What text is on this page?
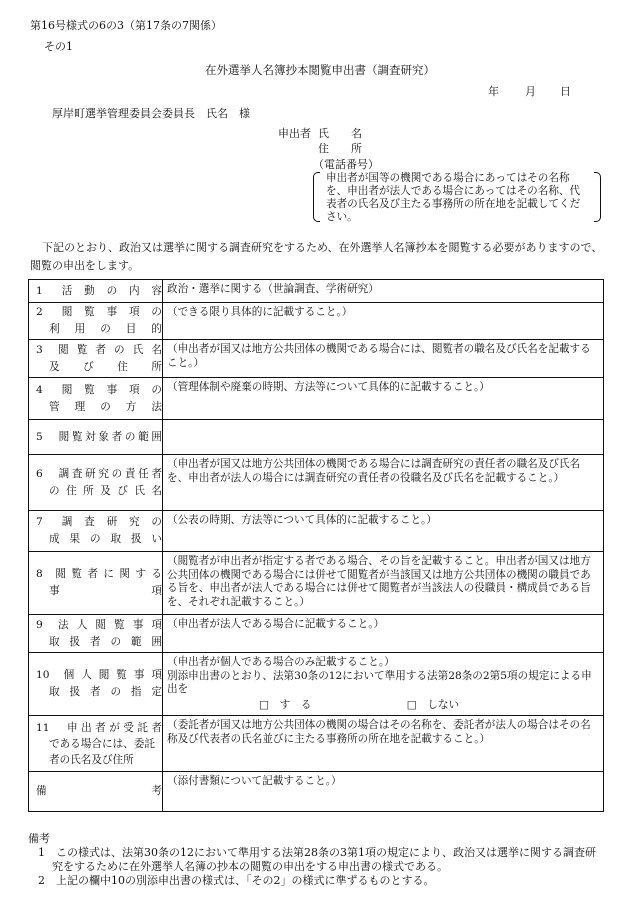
第16号様式の6の3（第17条の7関係）
その1
在外選挙人名簿抄本閲覧申出書（調査研究）
年 月 日
厚岸町選挙管理委員会委員長　氏名　様
申出者 氏　　名
住　　所
（電話番号）
申出者が国等の機関である場合にあってはその名称を、申出者が法人である場合にあってはその名称、代表者の氏名及び主たる事務所の所在地を記載してください。
下記のとおり、政治又は選挙に関する調査研究をするため、在外選挙人名簿抄本を閲覧する必要がありますので、閲覧の申出をします。
1　活 動 の 内 容	政治・選挙に関する（世論調査、学術研究）

2　閲 覧 事 項 の
利　用　の　目　的	（できる限り具体的に記載すること。）

3　閲 覧 者 の 氏 名
及　び　住　所	（申出者が国又は地方公共団体の機関である場合には、閲覧者の職名及び氏名を記載すること。）

4　閲 覧 事 項 の
管　理　の　方　法	（管理体制や廃棄の時期、方法等について具体的に記載すること。）

5　閲覧対象者の範囲	

6　調査研究の責任者
の住所及び氏名	（申出者が国又は地方公共団体の機関である場合には調査研究の責任者の職名及び氏名を、申出者が法人の場合には調査研究の責任者の役職名及び氏名を記載すること。）

7　調 査 研 究 の
成 果 の 取 扱 い	（公表の時期、方法等について具体的に記載すること。）

8　閲 覧 者 に 関 す る
事　　　　項	（閲覧者が申出者が指定する者である場合、その旨を記載すること。申出者が国又は地方公共団体の機関である場合には併せて閲覧者が当該国又は地方公共団体の機関の職員である旨を、申出者が法人である場合には併せて閲覧者が当該法人の役職員・構成員である旨を、それぞれ記載すること。）

9　法 人 閲 覧 事 項
取 扱 者 の 範 囲	（申出者が法人である場合に記載すること。）

10　個 人 閲 覧 事 項
取 扱 者 の 指 定	（申出者が個人である場合のみ記載すること。）
別添申出書のとおり、法第30条の12において準用する法第28条の2第5項の規定による申出を
□　す　る □　しない

11　申出者が受託者
である場合には、委託者の氏名及び住所	（委託者が国又は地方公共団体の機関の場合はその名称を、委託者が法人の場合はその名称及び代表者の氏名並びに主たる事務所の所在地を記載すること。）

備　　　　　　　考	（添付書類について記載すること。）
備考
1　この様式は、法第30条の12において準用する法第28条の3第1項の規定により、政治又は選挙に関する調査研究をするために在外選挙人名簿の抄本の閲覧の申出をする申出書の様式である。
2　上記の欄中10の別添申出書の様式は、「その2」の様式に準ずるものとする。
